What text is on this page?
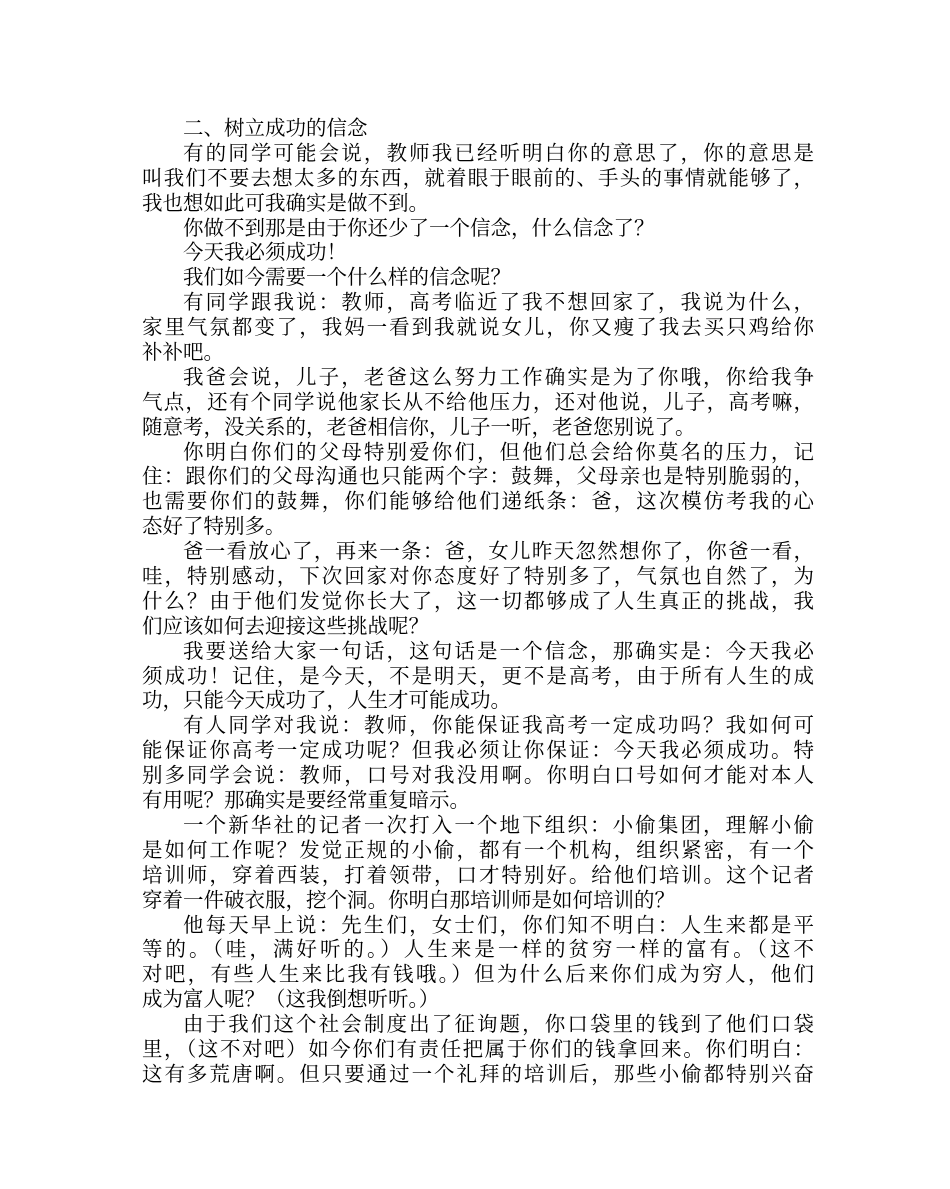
二、树立成功的信念
有的同学可能会说，教师我已经听明白你的意思了，你的意思是
叫我们不要去想太多的东西，就着眼于眼前的、手头的事情就能够了，
我也想如此可我确实是做不到。
你做不到那是由于你还少了一个信念，什么信念了？
今天我必须成功！
我们如今需要一个什么样的信念呢？
有同学跟我说：教师，高考临近了我不想回家了，我说为什么，
家里气氛都变了，我妈一看到我就说女儿，你又瘦了我去买只鸡给你
补补吧。
我爸会说，儿子，老爸这么努力工作确实是为了你哦，你给我争
气点，还有个同学说他家长从不给他压力，还对他说，儿子，高考嘛，
随意考，没关系的，老爸相信你，儿子一听，老爸您别说了。
你明白你们的父母特别爱你们，但他们总会给你莫名的压力，记
住：跟你们的父母沟通也只能两个字：鼓舞，父母亲也是特别脆弱的，
也需要你们的鼓舞，你们能够给他们递纸条：爸，这次模仿考我的心
态好了特别多。
爸一看放心了，再来一条：爸，女儿昨天忽然想你了，你爸一看，
哇，特别感动，下次回家对你态度好了特别多了，气氛也自然了，为
什么？由于他们发觉你长大了，这一切都够成了人生真正的挑战，我
们应该如何去迎接这些挑战呢？
我要送给大家一句话，这句话是一个信念，那确实是：今天我必
须成功！记住，是今天，不是明天，更不是高考，由于所有人生的成
功，只能今天成功了，人生才可能成功。
有人同学对我说：教师，你能保证我高考一定成功吗？我如何可
能保证你高考一定成功呢？但我必须让你保证：今天我必须成功。特
别多同学会说：教师，口号对我没用啊。你明白口号如何才能对本人
有用呢？那确实是要经常重复暗示。
一个新华社的记者一次打入一个地下组织：小偷集团，理解小偷
是如何工作呢？发觉正规的小偷，都有一个机构，组织紧密，有一个
培训师，穿着西装，打着领带，口才特别好。给他们培训。这个记者
穿着一件破衣服，挖个洞。你明白那培训师是如何培训的？
他每天早上说：先生们，女士们，你们知不明白：人生来都是平
等的。（哇，满好听的。）人生来是一样的贫穷一样的富有。（这不
对吧，有些人生来比我有钱哦。）但为什么后来你们成为穷人，他们
成为富人呢？（这我倒想听听。）
由于我们这个社会制度出了征询题，你口袋里的钱到了他们口袋
里，（这不对吧）如今你们有责任把属于你们的钱拿回来。你们明白：
这有多荒唐啊。但只要通过一个礼拜的培训后，那些小偷都特别兴奋
